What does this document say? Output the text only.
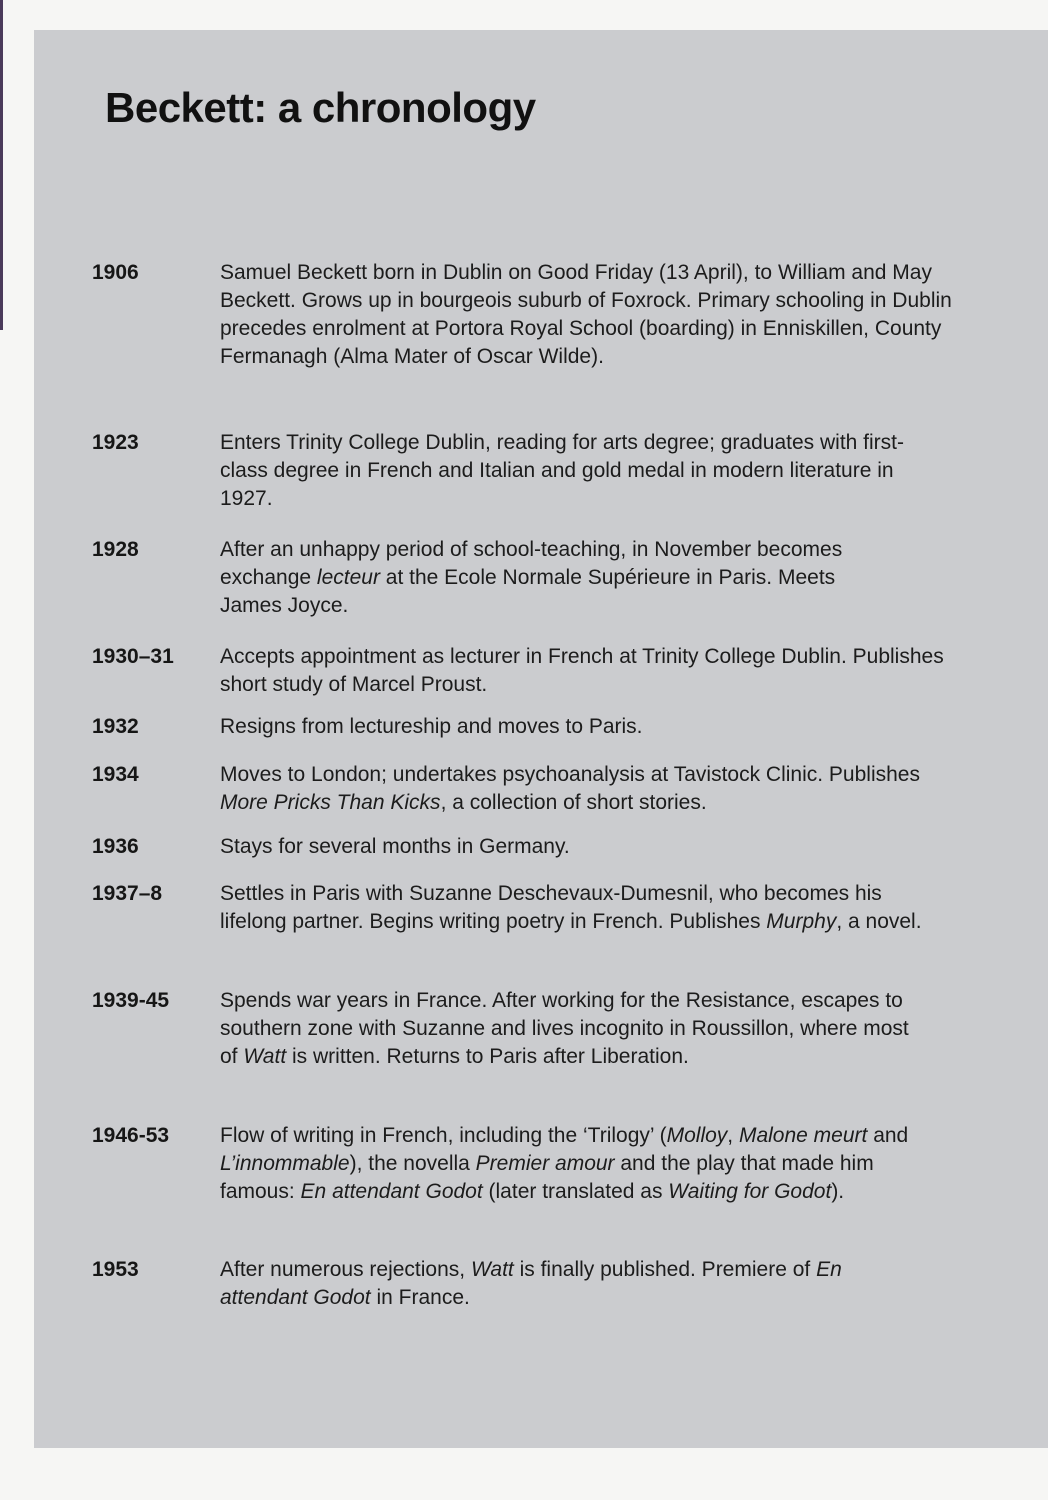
Beckett: a chronology
1906	Samuel Beckett born in Dublin on Good Friday (13 April), to William and May Beckett. Grows up in bourgeois suburb of Foxrock. Primary schooling in Dublin precedes enrolment at Portora Royal School (boarding) in Enniskillen, County Fermanagh (Alma Mater of Oscar Wilde).
1923	Enters Trinity College Dublin, reading for arts degree; graduates with first-class degree in French and Italian and gold medal in modern literature in 1927.
1928	After an unhappy period of school-teaching, in November becomes exchange lecteur at the Ecole Normale Supérieure in Paris. Meets James Joyce.
1930–31	Accepts appointment as lecturer in French at Trinity College Dublin. Publishes short study of Marcel Proust.
1932	Resigns from lectureship and moves to Paris.
1934	Moves to London; undertakes psychoanalysis at Tavistock Clinic. Publishes More Pricks Than Kicks, a collection of short stories.
1936	Stays for several months in Germany.
1937–8	Settles in Paris with Suzanne Deschevaux-Dumesnil, who becomes his lifelong partner. Begins writing poetry in French. Publishes Murphy, a novel.
1939-45	Spends war years in France. After working for the Resistance, escapes to southern zone with Suzanne and lives incognito in Roussillon, where most of Watt is written. Returns to Paris after Liberation.
1946-53	Flow of writing in French, including the ‘Trilogy’ (Molloy, Malone meurt and L’innommable), the novella Premier amour and the play that made him famous: En attendant Godot (later translated as Waiting for Godot).
1953	After numerous rejections, Watt is finally published. Premiere of En attendant Godot in France.
